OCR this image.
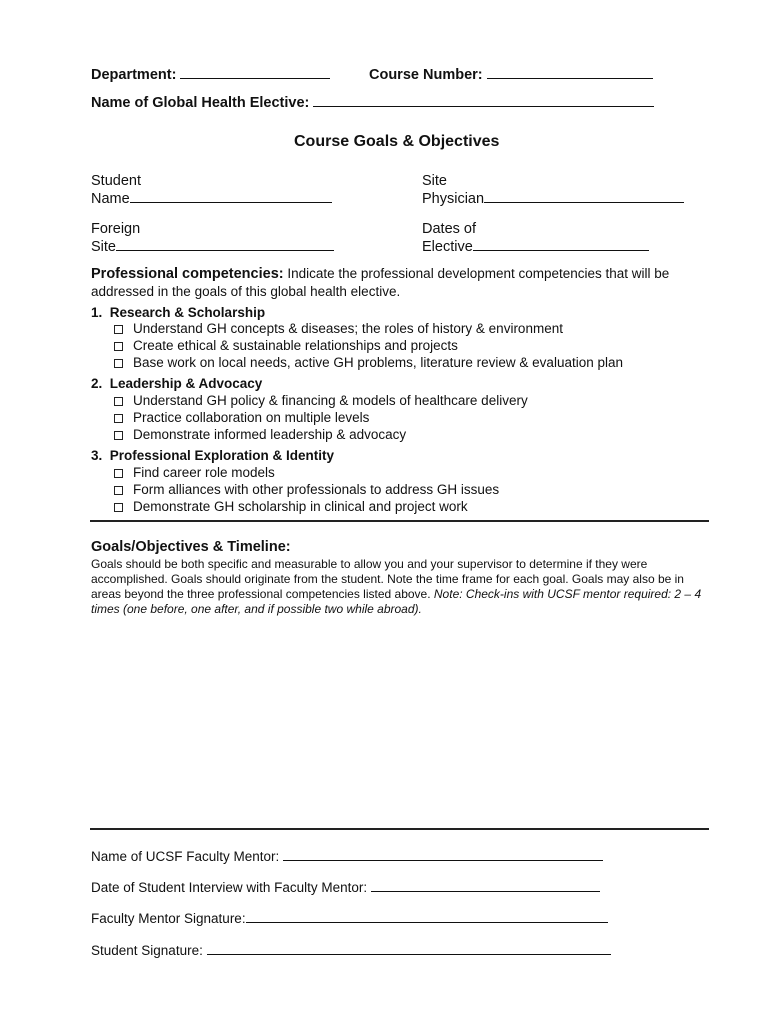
Department:	Course Number:
Name of Global Health Elective:
Course Goals & Objectives
Student
Name
Site
Physician
Foreign
Site
Dates of
Elective
Professional competencies: Indicate the professional development competencies that will be
addressed in the goals of this global health elective.
1.  Research & Scholarship
Understand GH concepts & diseases; the roles of history & environment
Create ethical & sustainable relationships and projects
Base work on local needs, active GH problems, literature review & evaluation plan
2.  Leadership & Advocacy
Understand GH policy & financing & models of healthcare delivery
Practice collaboration on multiple levels
Demonstrate informed leadership & advocacy
3.  Professional Exploration & Identity
Find career role models
Form alliances with other professionals to address GH issues
Demonstrate GH scholarship in clinical and project work
Goals/Objectives & Timeline:
Goals should be both specific and measurable to allow you and your supervisor to determine if they were accomplished. Goals should originate from the student. Note the time frame for each goal. Goals may also be in areas beyond the three professional competencies listed above. Note: Check-ins with UCSF mentor required: 2 – 4 times (one before, one after, and if possible two while abroad).
Name of UCSF Faculty Mentor:
Date of Student Interview with Faculty Mentor:
Faculty Mentor Signature:
Student Signature:
